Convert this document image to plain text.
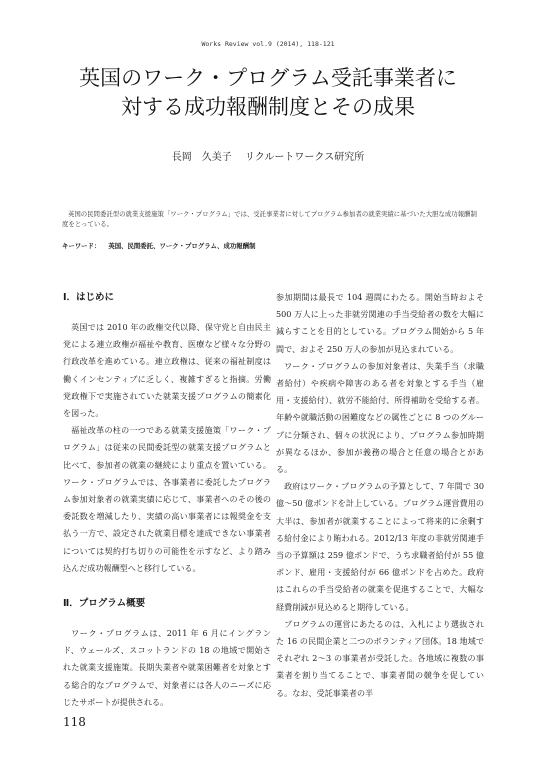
Works Review vol.9 (2014), 118-121
英国のワーク・プログラム受託事業者に
対する成功報酬制度とその成果
長岡　久美子 リクルートワークス研究所
英国の民間委託型の就業支援施策「ワーク・プログラム」では、受託事業者に対してプログラム参加者の就業実績に基づいた大胆な成功報酬制度をとっている。
キーワード： 英国、民間委託、ワーク・プログラム、成功報酬制
Ⅰ．はじめに

英国では 2010 年の政権交代以降、保守党と自由民主党による連立政権が福祉や教育、医療など様々な分野の行政改革を進めている。連立政権は、従来の福祉制度は働くインセンティブに乏しく、複雑すぎると指摘。労働党政権下で実施されていた就業支援プログラムの簡素化を図った。

福祉改革の柱の一つである就業支援施策「ワーク・プログラム」は従来の民間委託型の就業支援プログラムと比べて、参加者の就業の継続により重点を置いている。ワーク・プログラムでは、各事業者に委託したプログラム参加対象者の就業実績に応じて、事業者へのその後の委託数を増減したり、実績の高い事業者には報奨金を支払う一方で、設定された就業目標を達成できない事業者については契約打ち切りの可能性を示すなど、より踏み込んだ成功報酬型へと移行している。

Ⅱ．プログラム概要

ワーク・プログラムは、2011 年 6 月にイングランド、ウェールズ、スコットランドの 18 の地域で開始された就業支援施策。長期失業者や就業困難者を対象とする総合的なプログラムで、対象者には各人のニーズに応じたサポートが提供される。

参加期間は最長で 104 週間にわたる。開始当時およそ 500 万人に上った非就労関連の手当受給者の数を大幅に減らすことを目的としている。プログラム開始から 5 年間で、およそ 250 万人の参加が見込まれている。

ワーク・プログラムの参加対象者は、失業手当（求職者給付）や疾病や障害のある者を対象とする手当（雇用・支援給付）、就労不能給付、所得補助を受給する者。年齢や就職活動の困難度などの属性ごとに 8 つのグループに分類され、個々の状況により、プログラム参加時期が異なるほか、参加が義務の場合と任意の場合とがある。

政府はワーク・プログラムの予算として、7 年間で 30 億〜50 億ポンドを計上している。プログラム運営費用の大半は、参加者が就業することによって将来的に余剰する給付金により賄われる。2012/13 年度の非就労関連手当の予算額は 259 億ポンドで、うち求職者給付が 55 億ポンド、雇用・支援給付が 66 億ポンドを占めた。政府はこれらの手当受給者の就業を促進することで、大幅な経費削減が見込めると期待している。

プログラムの運営にあたるのは、入札により選抜された 16 の民間企業と二つのボランティア団体。18 地域でそれぞれ 2〜3 の事業者が受託した。各地域に複数の事業者を割り当てることで、事業者間の競争を促している。なお、受託事業者の半

118
